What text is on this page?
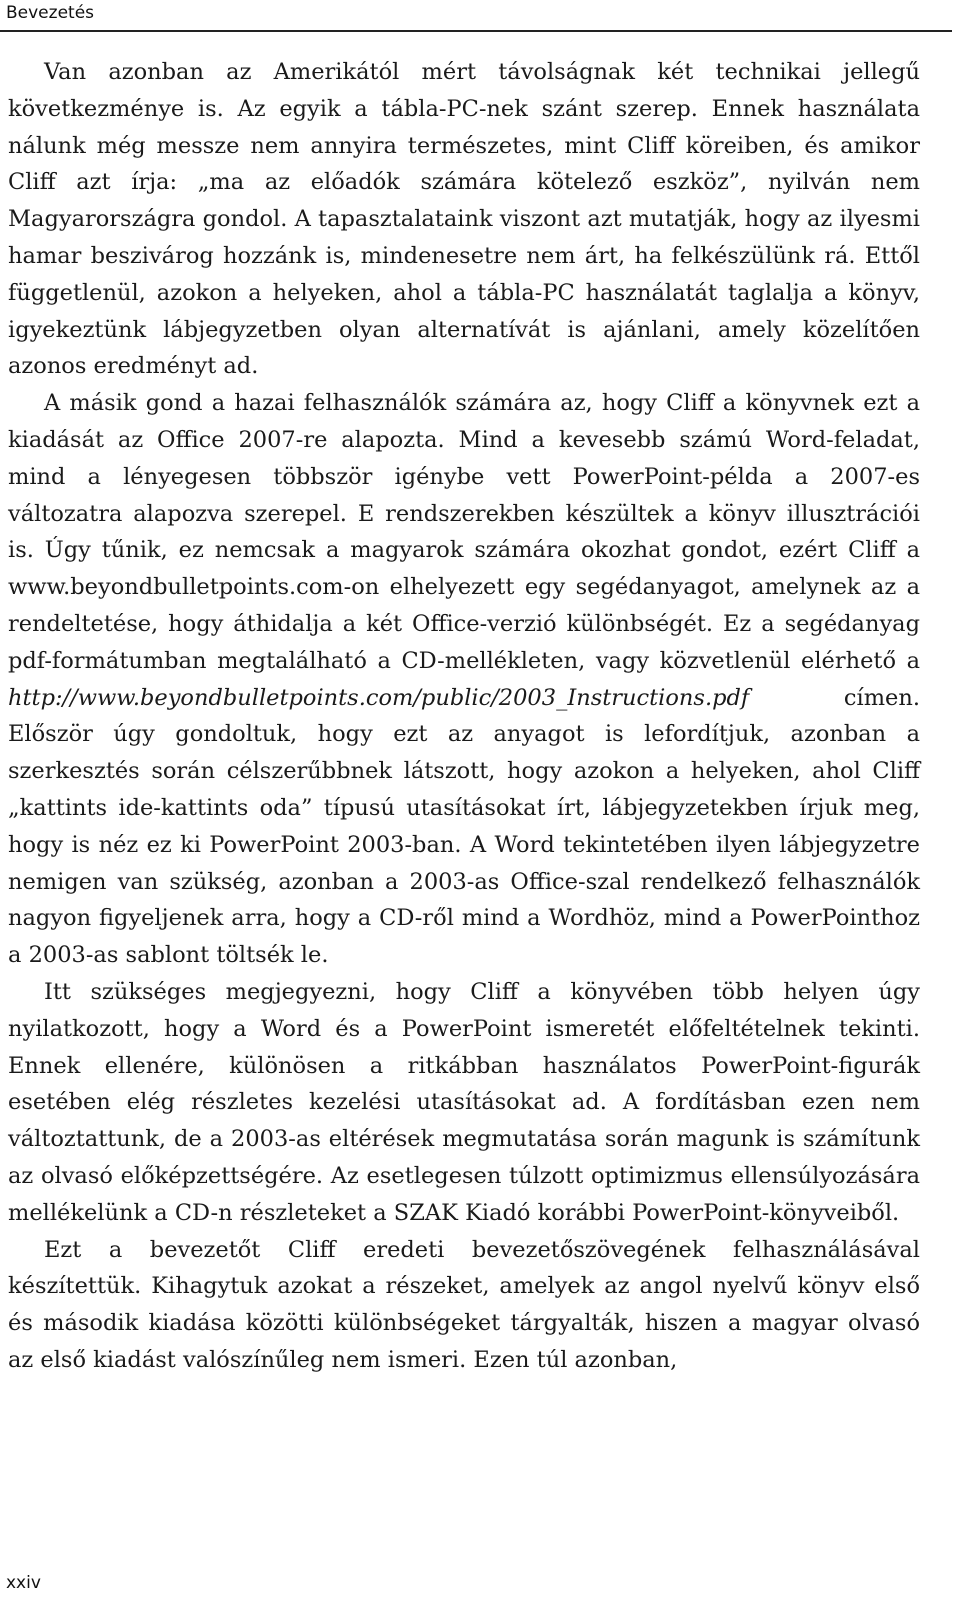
Bevezetés

Van azonban az Amerikától mért távolságnak két technikai jellegű következménye is. Az egyik a tábla-PC-nek szánt szerep. Ennek használata nálunk még messze nem annyira természetes, mint Cliff köreiben, és amikor Cliff azt írja: „ma az előadók számára kötelező eszköz”, nyilván nem Magyarországra gondol. A tapasztalataink viszont azt mutatják, hogy az ilyesmi hamar beszivárog hozzánk is, mindenesetre nem árt, ha felkészülünk rá. Ettől függetlenül, azokon a helyeken, ahol a tábla-PC használatát taglalja a könyv, igyekeztünk lábjegyzetben olyan alternatívát is ajánlani, amely közelítően azonos eredményt ad.

A másik gond a hazai felhasználók számára az, hogy Cliff a könyvnek ezt a kiadását az Office 2007-re alapozta. Mind a kevesebb számú Word-feladat, mind a lényegesen többször igénybe vett PowerPoint-példa a 2007-es változatra alapozva szerepel. E rendszerekben készültek a könyv illusztrációi is. Úgy tűnik, ez nemcsak a magyarok számára okozhat gondot, ezért Cliff a www.beyondbulletpoints.com-on elhelyezett egy segédanyagot, amelynek az a rendeltetése, hogy áthidalja a két Office-verzió különbségét. Ez a segédanyag pdf-formátumban megtalálható a CD-mellékleten, vagy közvetlenül elérhető a http://www.beyondbulletpoints.com/public/2003_Instructions.pdf címen. Először úgy gondoltuk, hogy ezt az anyagot is lefordítjuk, azonban a szerkesztés során célszerűbbnek látszott, hogy azokon a helyeken, ahol Cliff „kattints ide-kattints oda” típusú utasításokat írt, lábjegyzetekben írjuk meg, hogy is néz ez ki PowerPoint 2003-ban. A Word tekintetében ilyen lábjegyzetre nemigen van szükség, azonban a 2003-as Office-szal rendelkező felhasználók nagyon figyeljenek arra, hogy a CD-ről mind a Wordhöz, mind a PowerPointhoz a 2003-as sablont töltsék le.

Itt szükséges megjegyezni, hogy Cliff a könyvében több helyen úgy nyilatkozott, hogy a Word és a PowerPoint ismeretét előfeltételnek tekinti. Ennek ellenére, különösen a ritkábban használatos PowerPoint-figurák esetében elég részletes kezelési utasításokat ad. A fordításban ezen nem változtattunk, de a 2003-as eltérések megmutatása során magunk is számítunk az olvasó előképzettségére. Az esetlegesen túlzott optimizmus ellensúlyozására mellékelünk a CD-n részleteket a SZAK Kiadó korábbi PowerPoint-könyveiből.

Ezt a bevezetőt Cliff eredeti bevezetőszövegének felhasználásával készítettük. Kihagytuk azokat a részeket, amelyek az angol nyelvű könyv első és második kiadása közötti különbségeket tárgyalták, hiszen a magyar olvasó az első kiadást valószínűleg nem ismeri. Ezen túl azonban,

xxiv
